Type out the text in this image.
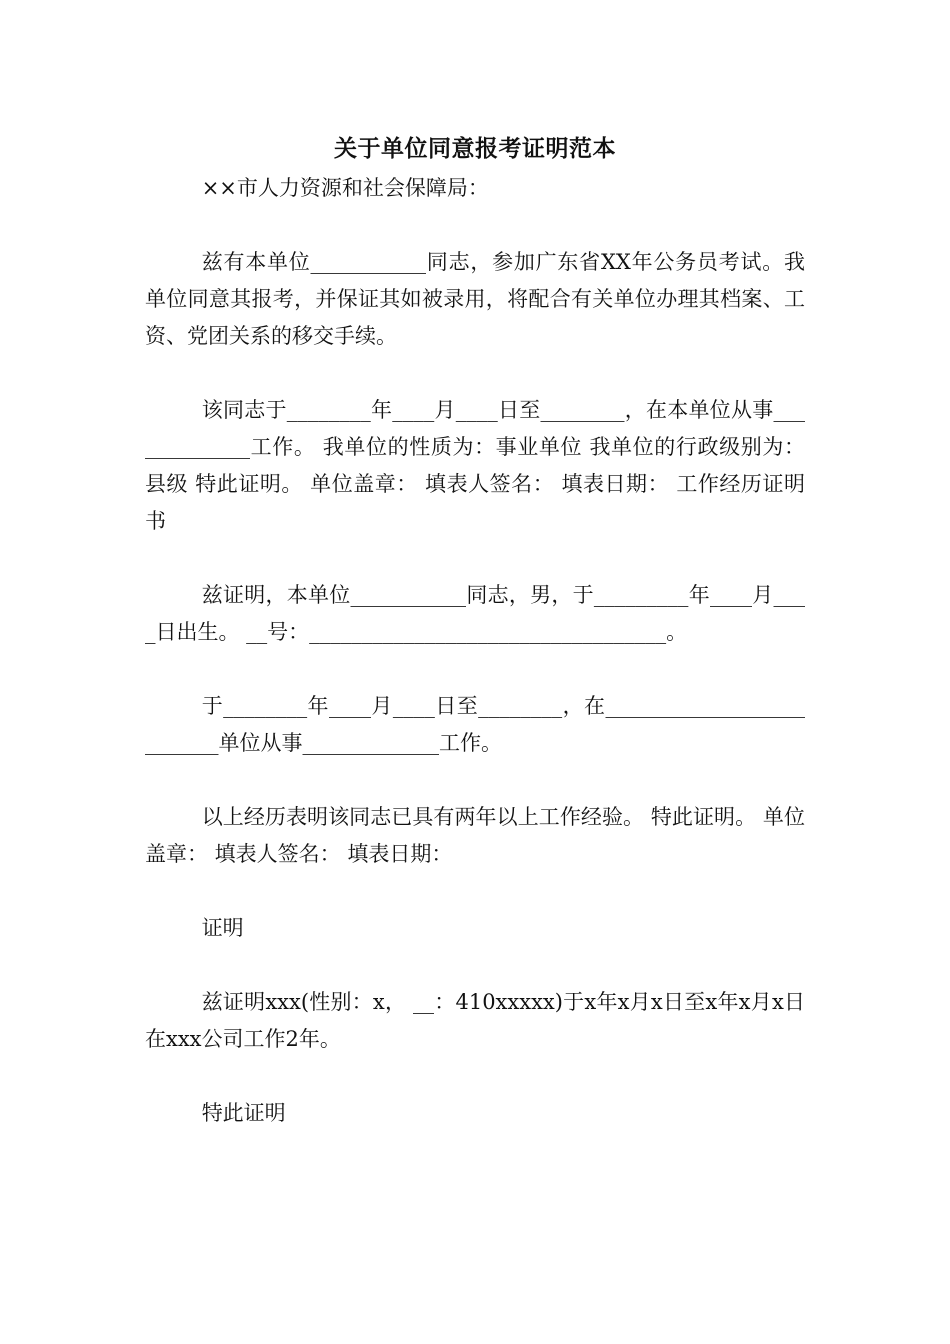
关于单位同意报考证明范本

××市人力资源和社会保障局：

兹有本单位___________同志，参加广东省XX年公务员考试。我单位同意其报考，并保证其如被录用，将配合有关单位办理其档案、工资、党团关系的移交手续。

该同志于________年____月____日至________，在本单位从事_____________工作。 我单位的性质为：事业单位 我单位的行政级别为：县级 特此证明。 单位盖章： 填表人签名： 填表日期： 工作经历证明书

兹证明，本单位___________同志，男，于_________年____月____日出生。 __号：__________________________________。

于________年____月____日至________，在__________________________单位从事_____________工作。

以上经历表明该同志已具有两年以上工作经验。 特此证明。 单位盖章： 填表人签名： 填表日期：

证明

兹证明xxx(性别：x， __：410xxxxx)于x年x月x日至x年x月x日在xxx公司工作2年。

特此证明
